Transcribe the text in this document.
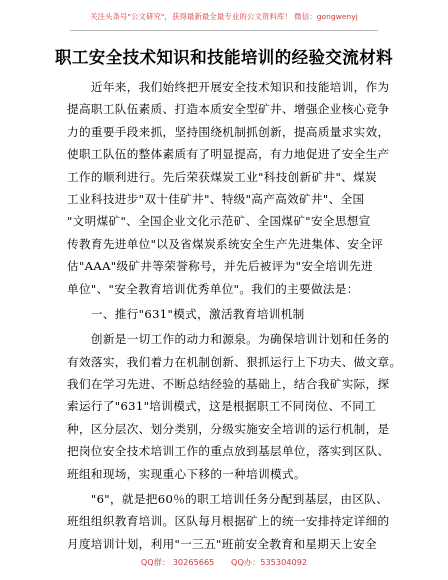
关注头条号"公文研究"，获得最新最全最专业的公文资料库！ 微信：gongwenyj
职工安全技术知识和技能培训的经验交流材料
　　近年来，我们始终把开展安全技术知识和技能培训，作为
提高职工队伍素质、打造本质安全型矿井、增强企业核心竞争
力的重要手段来抓，坚持围绕机制抓创新，提高质量求实效，
使职工队伍的整体素质有了明显提高，有力地促进了安全生产
工作的顺利进行。先后荣获煤炭工业"科技创新矿井"、煤炭
工业科技进步"双十佳矿井"、特级"高产高效矿井"、全国
"文明煤矿"、全国企业文化示范矿、全国煤矿"安全思想宣
传教育先进单位"以及省煤炭系统安全生产先进集体、安全评
估"AAA"级矿井等荣誉称号，并先后被评为"安全培训先进
单位"、"安全教育培训优秀单位"。我们的主要做法是：
　　一、推行"631"模式，激活教育培训机制
　　创新是一切工作的动力和源泉。为确保培训计划和任务的
有效落实，我们着力在机制创新、狠抓运行上下功夫、做文章。
我们在学习先进、不断总结经验的基础上，结合我矿实际，探
索运行了"631"培训模式，这是根据职工不同岗位、不同工
种，区分层次、划分类别，分级实施安全培训的运行机制，是
把岗位安全技术培训工作的重点放到基层单位，落实到区队、
班组和现场，实现重心下移的一种培训模式。
　　"6"，就是把60％的职工培训任务分配到基层，由区队、
班组组织教育培训。区队每月根据矿上的统一安排持定详细的
月度培训计划，利用"一三五"班前安全教育和星期天上安全
QQ群： 30265665 QQ办：535304092
